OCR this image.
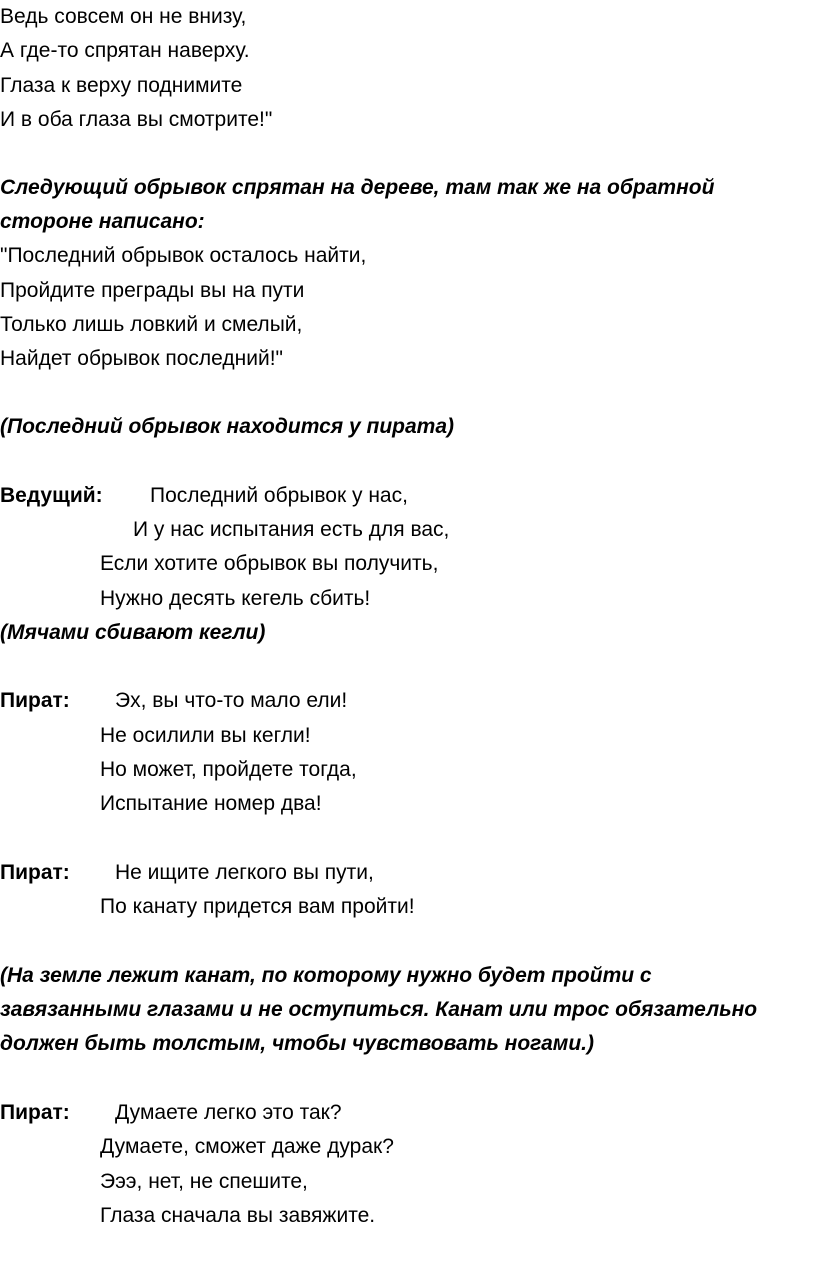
Ведь совсем он не внизу,
А где-то спрятан наверху.
Глаза к верху поднимите
И в оба глаза вы смотрите!"
Следующий обрывок спрятан на дереве, там так же на обратной
стороне написано:
"Последний обрывок осталось найти,
Пройдите преграды вы на пути
Только лишь ловкий и смелый,
Найдет обрывок последний!"
(Последний обрывок находится у пирата)
Ведущий: Последний обрывок у нас,
И у нас испытания есть для вас,
Если хотите обрывок вы получить,
Нужно десять кегель сбить!
(Мячами сбивают кегли)
Пират: Эх, вы что-то мало ели!
Не осилили вы кегли!
Но может, пройдете тогда,
Испытание номер два!
Пират: Не ищите легкого вы пути,
По канату придется вам пройти!
(На земле лежит канат, по которому нужно будет пройти с
завязанными глазами и не оступиться. Канат или трос обязательно
должен быть толстым, чтобы чувствовать ногами.)
Пират: Думаете легко это так?
Думаете, сможет даже дурак?
Эээ, нет, не спешите,
Глаза сначала вы завяжите.
